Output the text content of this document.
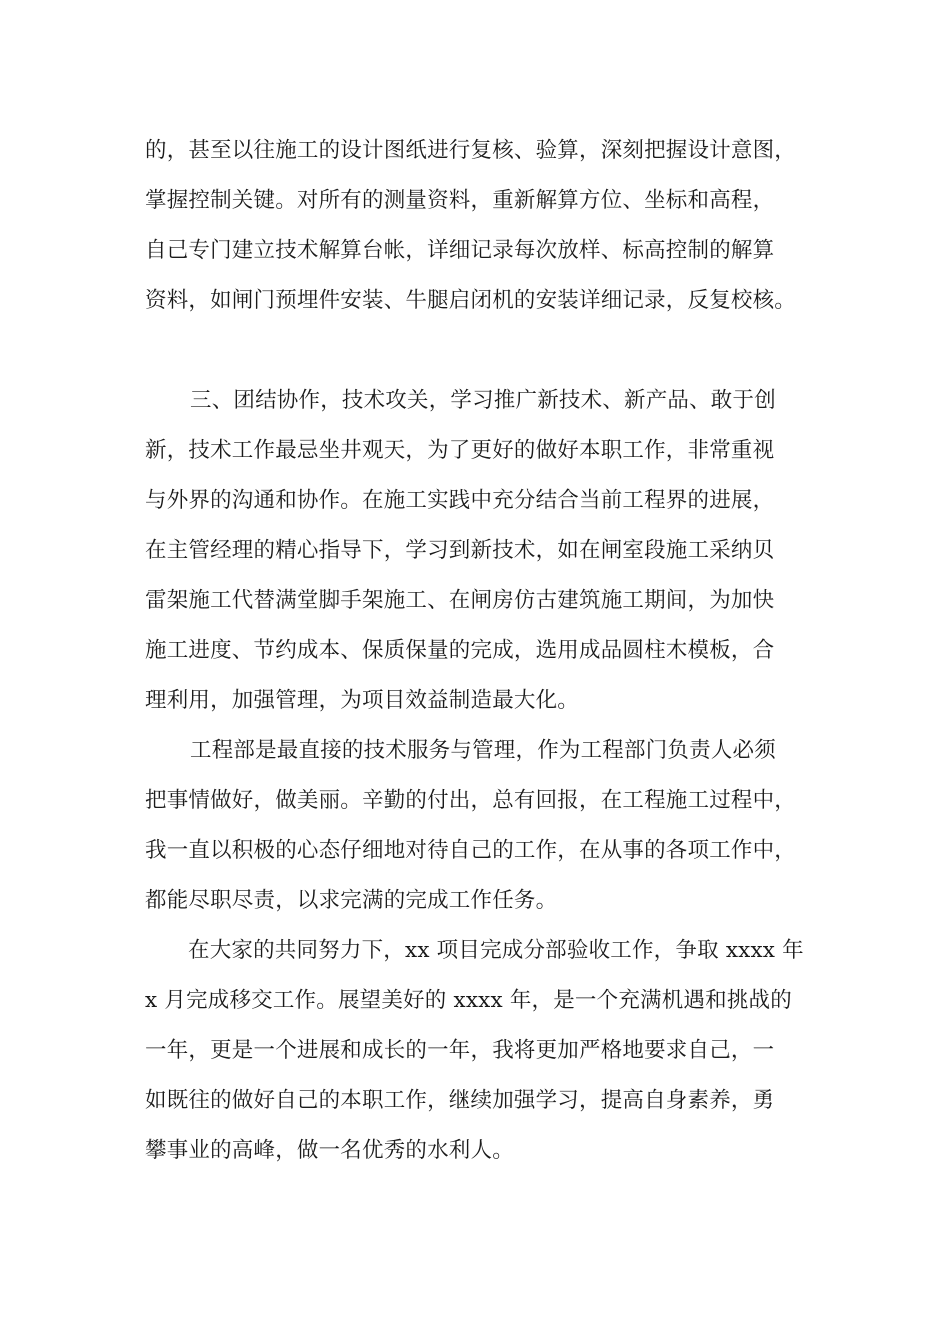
的，甚至以往施工的设计图纸进行复核、验算，深刻把握设计意图，

掌握控制关键。对所有的测量资料，重新解算方位、坐标和高程，

自己专门建立技术解算台帐，详细记录每次放样、标高控制的解算

资料，如闸门预埋件安装、牛腿启闭机的安装详细记录，反复校核。

三、团结协作，技术攻关，学习推广新技术、新产品、敢于创

新，技术工作最忌坐井观天，为了更好的做好本职工作，非常重视

与外界的沟通和协作。在施工实践中充分结合当前工程界的进展，

在主管经理的精心指导下，学习到新技术，如在闸室段施工采纳贝

雷架施工代替满堂脚手架施工、在闸房仿古建筑施工期间，为加快

施工进度、节约成本、保质保量的完成，选用成品圆柱木模板，合

理利用，加强管理，为项目效益制造最大化。

工程部是最直接的技术服务与管理，作为工程部门负责人必须

把事情做好，做美丽。辛勤的付出，总有回报，在工程施工过程中，

我一直以积极的心态仔细地对待自己的工作，在从事的各项工作中，

都能尽职尽责，以求完满的完成工作任务。

在大家的共同努力下，xx 项目完成分部验收工作，争取 xxxx 年

x 月完成移交工作。展望美好的 xxxx 年，是一个充满机遇和挑战的

一年，更是一个进展和成长的一年，我将更加严格地要求自己，一

如既往的做好自己的本职工作，继续加强学习，提高自身素养，勇

攀事业的高峰，做一名优秀的水利人。
